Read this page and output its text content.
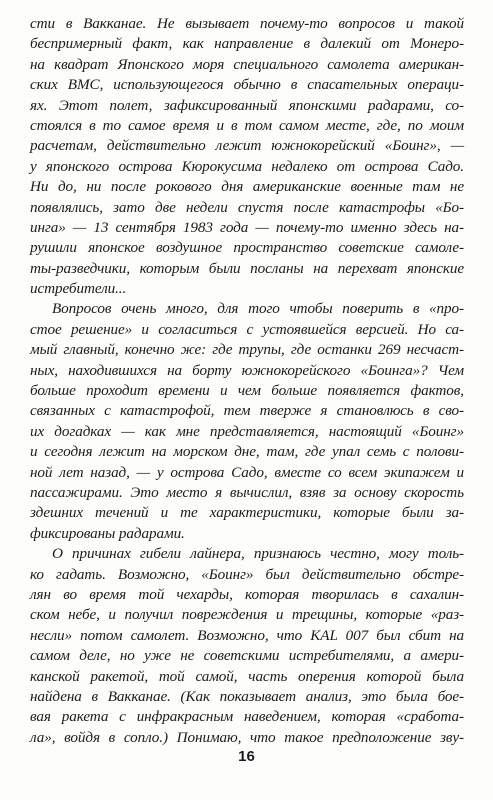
сти в Вакканае. Не вызывает почему-то вопросов и такой
беспримерный факт, как направление в далекий от Монеро-
на квадрат Японского моря специального самолета американ-
ских ВМС, использующегося обычно в спасательных операци-
ях. Этот полет, зафиксированный японскими радарами, со-
стоялся в то самое время и в том самом месте, где, по моим
расчетам, действительно лежит южнокорейский «Боинг», —
у японского острова Кюрокусима недалеко от острова Садо.
Ни до, ни после рокового дня американские военные там не
появлялись, зато две недели спустя после катастрофы «Бо-
инга» — 13 сентября 1983 года — почему-то именно здесь на-
рушили японское воздушное пространство советские самоле-
ты-разведчики, которым были посланы на перехват японские
истребители...
Вопросов очень много, для того чтобы поверить в «про-
стое решение» и согласиться с устоявшейся версией. Но са-
мый главный, конечно же: где трупы, где останки 269 несчаст-
ных, находившихся на борту южнокорейского «Боинга»? Чем
больше проходит времени и чем больше появляется фактов,
связанных с катастрофой, тем тверже я становлюсь в сво-
их догадках — как мне представляется, настоящий «Боинг»
и сегодня лежит на морском дне, там, где упал семь с полови-
ной лет назад, — у острова Садо, вместе со всем экипажем и
пассажирами. Это место я вычислил, взяв за основу скорость
здешних течений и те характеристики, которые были за-
фиксированы радарами.
О причинах гибели лайнера, признаюсь честно, могу толь-
ко гадать. Возможно, «Боинг» был действительно обстре-
лян во время той чехарды, которая творилась в сахалин-
ском небе, и получил повреждения и трещины, которые «раз-
несли» потом самолет. Возможно, что KAL 007 был сбит на
самом деле, но уже не советскими истребителями, а амери-
канской ракетой, той самой, часть оперения которой была
найдена в Вакканае. (Как показывает анализ, это была бое-
вая ракета с инфракрасным наведением, которая «сработа-
ла», войдя в сопло.) Понимаю, что такое предположение зву-
16
